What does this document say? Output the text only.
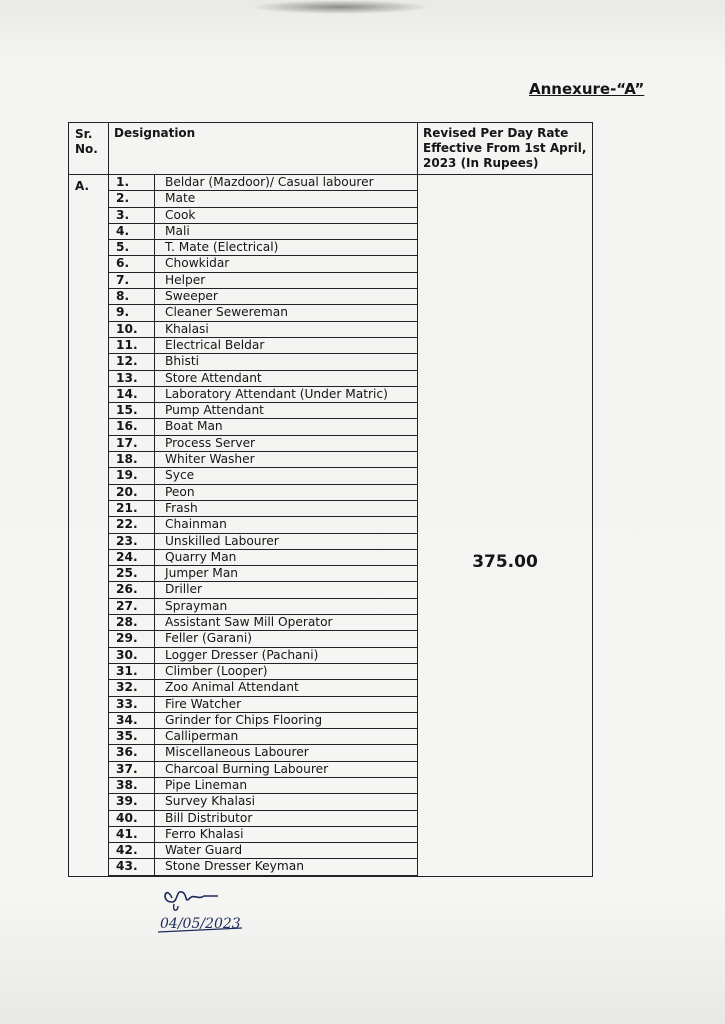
Annexure-“A”
Sr. No.	Designation	Revised Per Day Rate
Effective From 1st April,
2023 (In Rupees)

A.	1.	Beldar (Mazdoor)/ Casual labourer
2.	Mate
3.	Cook
4.	Mali
5.	T. Mate (Electrical)
6.	Chowkidar
7.	Helper
8.	Sweeper
9.	Cleaner Sewereman
10.	Khalasi
11.	Electrical Beldar
12.	Bhisti
13.	Store Attendant
14.	Laboratory Attendant (Under Matric)
15.	Pump Attendant
16.	Boat Man
17.	Process Server
18.	Whiter Washer
19.	Syce
20.	Peon
21.	Frash
22.	Chainman
23.	Unskilled Labourer
24.	Quarry Man
25.	Jumper Man
26.	Driller
27.	Sprayman
28.	Assistant Saw Mill Operator
29.	Feller (Garani)
30.	Logger Dresser (Pachani)
31.	Climber (Looper)
32.	Zoo Animal Attendant
33.	Fire Watcher
34.	Grinder for Chips Flooring
35.	Calliperman
36.	Miscellaneous Labourer
37.	Charcoal Burning Labourer
38.	Pipe Lineman
39.	Survey Khalasi
40.	Bill Distributor
41.	Ferro Khalasi
42.	Water Guard
43.	Stone Dresser Keyman
	375.00
04/05/2023
